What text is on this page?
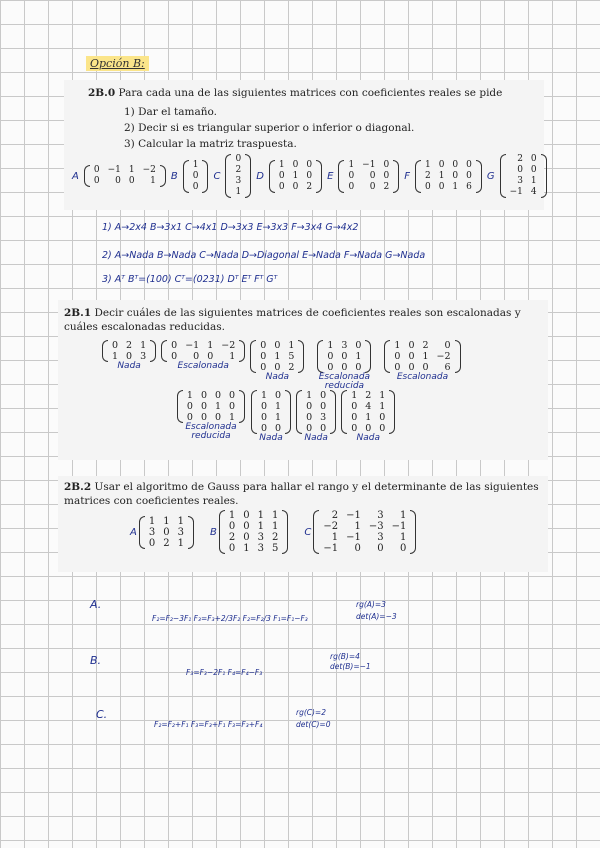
Opción B:
2B.0 Para cada una de las siguientes matrices con coeficientes reales se pide
1) Dar el tamaño.
2) Decir si es triangular superior o inferior o diagonal.
3) Calcular la matriz traspuesta.
A
0	−1	1	−2
0	0	0	1 B
1
0
0
C
0
2
3
1
D
1	0	0
0	1	0
0	0	2
E
1	−1	0
0	0	0
0	0	2
F
1	0	0	0
2	1	0	0
0	0	1	6
G
2	0
0	0
3	1
−1	4
1) A→2x4 B→3x1 C→4x1 D→3x3 E→3x3 F→3x4 G→4x2
2) A→Nada B→Nada C→Nada D→Diagonal E→Nada F→Nada G→Nada
3) Aᵀ Bᵀ=(100) Cᵀ=(0231) Dᵀ Eᵀ Fᵀ Gᵀ
2B.1 Decir cuáles de las siguientes matrices de coeficientes reales son escalonadas y cuáles escalonadas reducidas.
0	2	1
1	0	3
Nada
0	−1	1	−2
0	0	0	1
Escalonada
0	0	1
0	1	5
0	0	2
Nada
1	3	0
0	0	1
0	0	0
Escalonada reducida
1	0	2	0
0	0	1	−2
0	0	0	6
Escalonada
1	0	0	0
0	0	1	0
0	0	0	1
Escalonada reducida
1	0
0	1
0	1
0	0
Nada
1	0
0	0
0	3
0	0
Nada
1	2	1
0	4	1
0	1	0
0	0	0
Nada
2B.2 Usar el algoritmo de Gauss para hallar el rango y el determinante de las siguientes matrices con coeficientes reales.
A
1	1	1
3	0	3
0	2	1
B
1	0	1	1
0	0	1	1
2	0	3	2
0	1	3	5
C
2	−1	3	1
−2	1	−3	−1
1	−1	3	1
−1	0	0	0
A.
F₂=F₂−3F₁ F₃=F₃+2/3F₂ F₂=F₂/3 F₁=F₁−F₃
rg(A)=3
det(A)=−3
B.
F₃=F₃−2F₁ F₄=F₄−F₃
rg(B)=4
det(B)=−1
C.
F₂=F₂+F₁ F₃=F₃+F₁ F₃=F₃+F₄
rg(C)=2
det(C)=0
